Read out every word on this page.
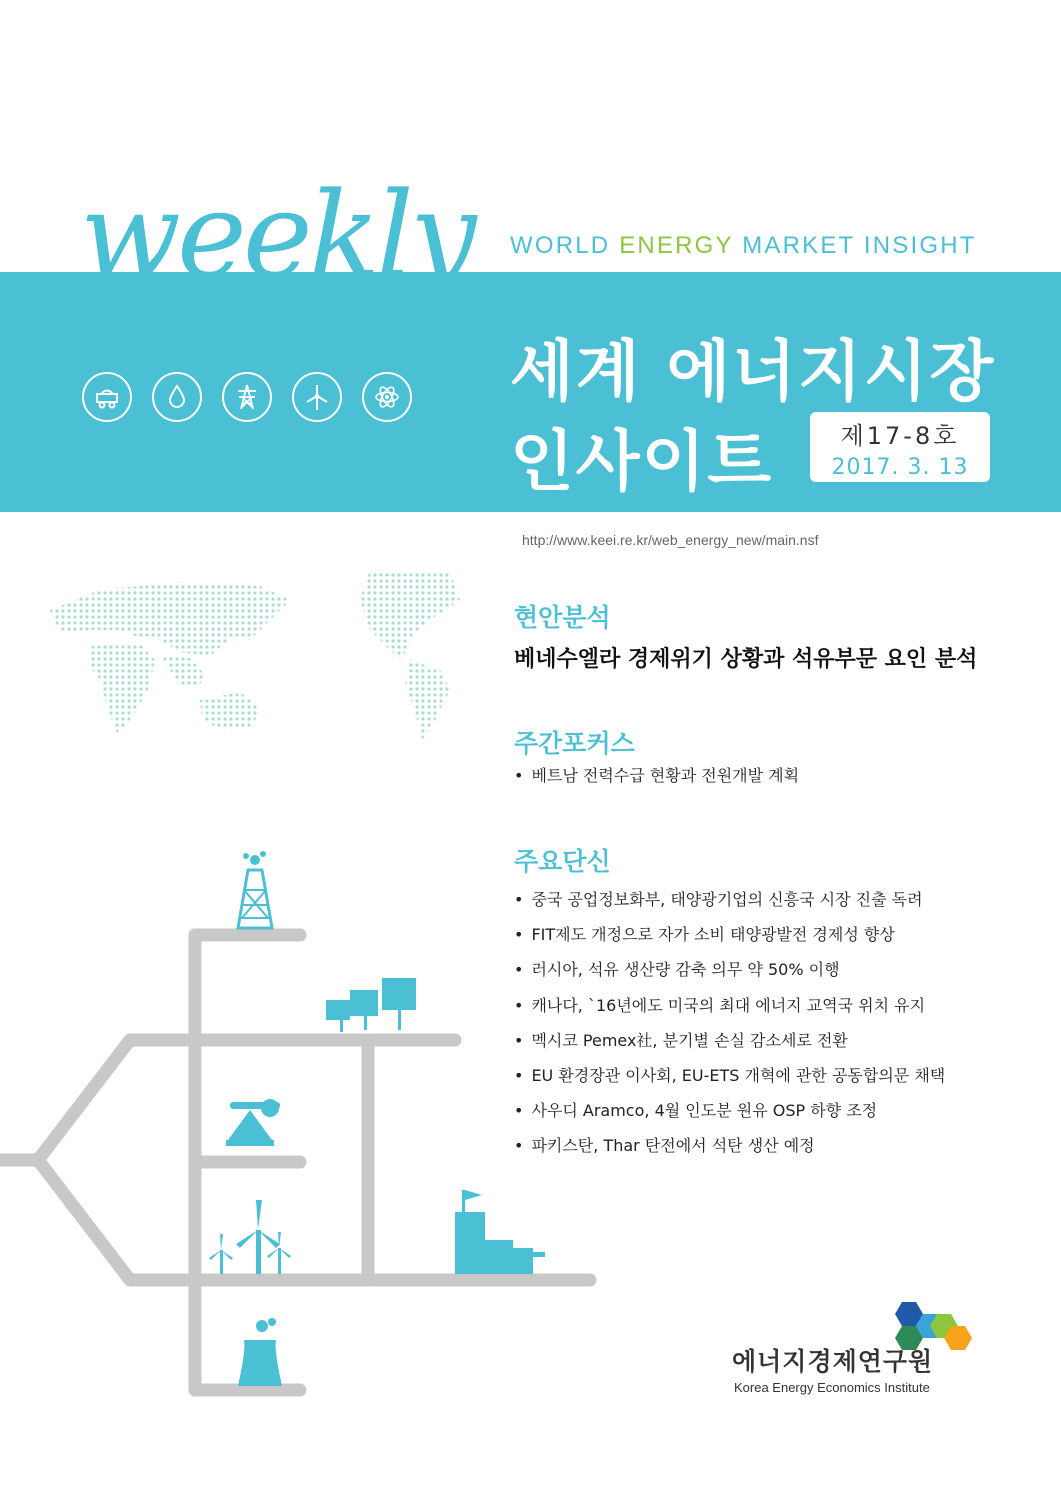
weekly WORLD ENERGY MARKET INSIGHT
세계 에너지시장
인사이트	제17-8호
2017. 3. 13
http://www.keei.re.kr/web_energy_new/main.nsf
현안분석
베네수엘라 경제위기 상황과 석유부문 요인 분석
주간포커스
• 베트남 전력수급 현황과 전원개발 계획
주요단신
• 중국 공업정보화부, 태양광기업의 신흥국 시장 진출 독려
• FIT제도 개정으로 자가 소비 태양광발전 경제성 향상
• 러시아, 석유 생산량 감축 의무 약 50% 이행
• 캐나다, `16년에도 미국의 최대 에너지 교역국 위치 유지
• 멕시코 Pemex社, 분기별 손실 감소세로 전환
• EU 환경장관 이사회, EU-ETS 개혁에 관한 공동합의문 채택
• 사우디 Aramco, 4월 인도분 원유 OSP 하향 조정
• 파키스탄, Thar 탄전에서 석탄 생산 예정
에너지경제연구원
Korea Energy Economics Institute
